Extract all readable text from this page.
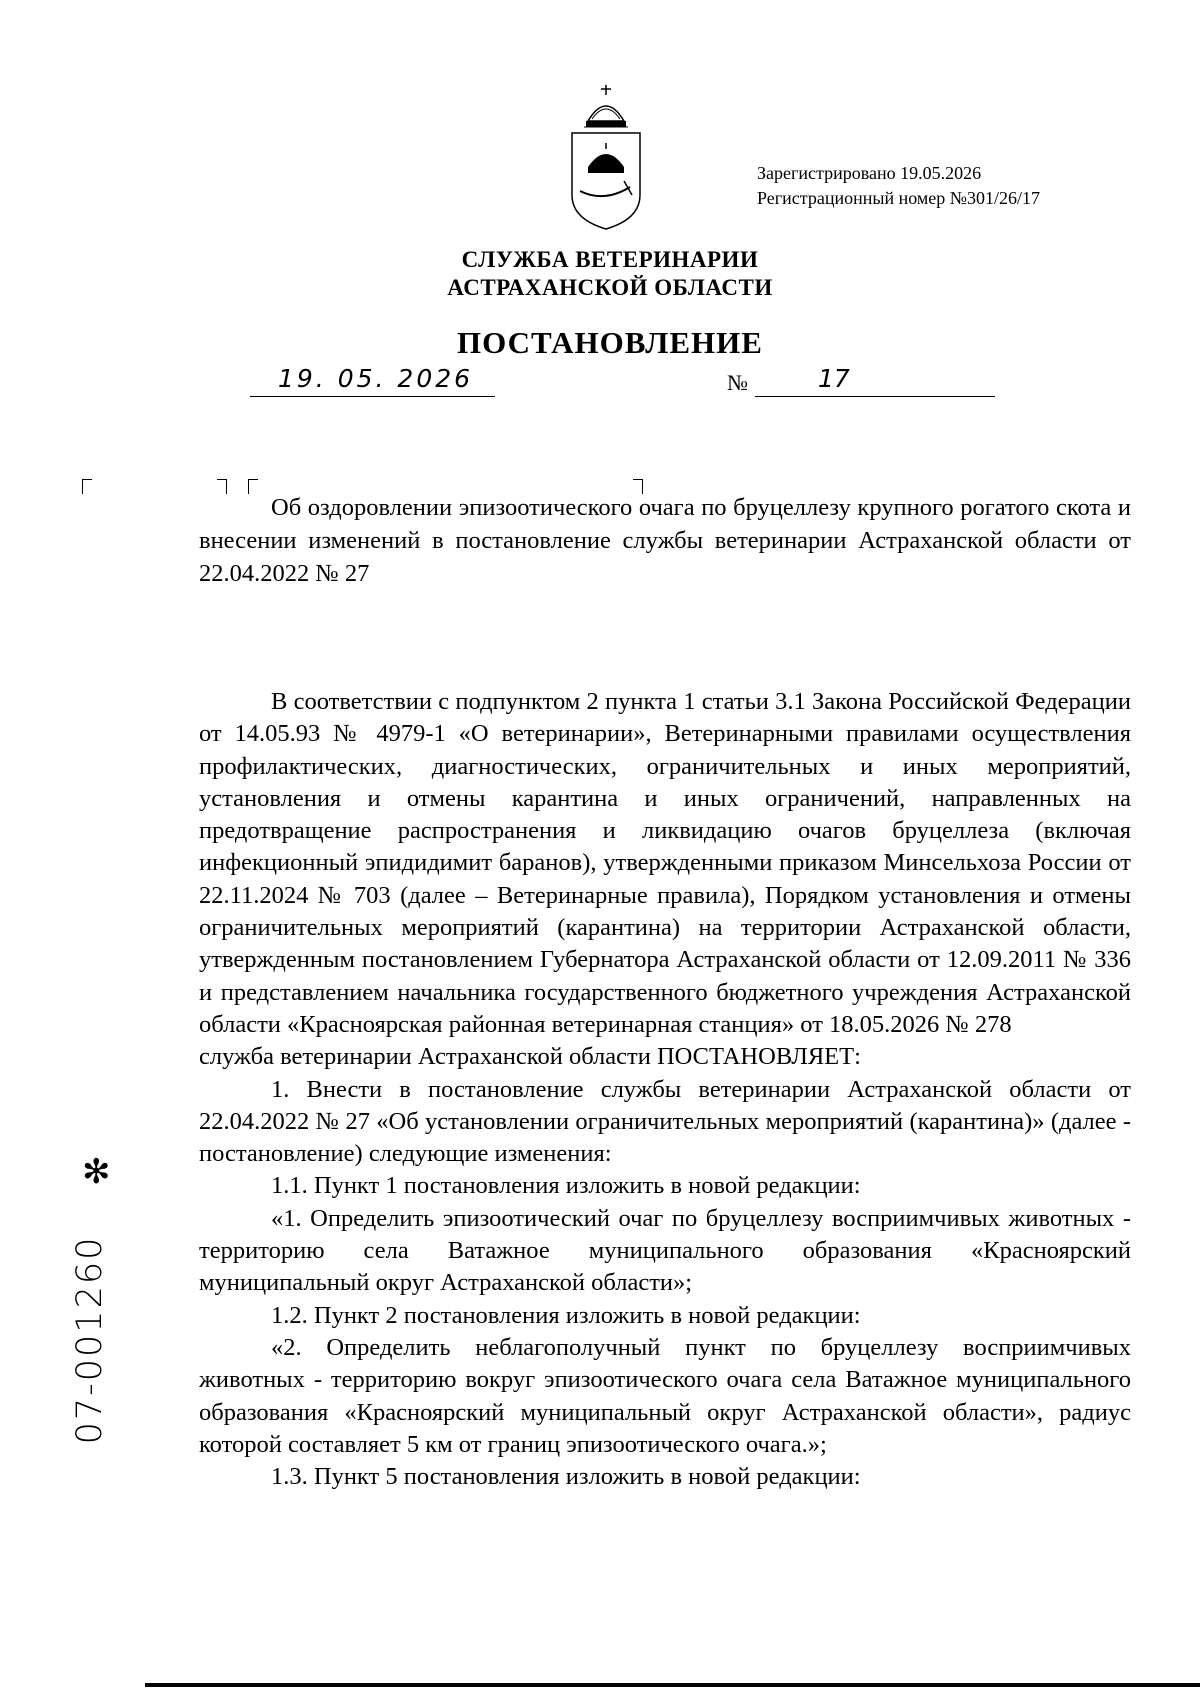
Зарегистрировано 19.05.2026
Регистрационный номер №301/26/17
СЛУЖБА ВЕТЕРИНАРИИ
АСТРАХАНСКОЙ ОБЛАСТИ
ПОСТАНОВЛЕНИЕ
19. 05. 2026	№	17
Об оздоровлении эпизоотического очага по бруцеллезу крупного рогатого скота и внесении изменений в постановление службы ветеринарии Астраханской области от 22.04.2022 № 27

В соответствии с подпунктом 2 пункта 1 статьи 3.1 Закона Российской Федерации от 14.05.93 № 4979-1 «О ветеринарии», Ветеринарными правилами осуществления профилактических, диагностических, ограничительных и иных мероприятий, установления и отмены карантина и иных ограничений, направленных на предотвращение распространения и ликвидацию очагов бруцеллеза (включая инфекционный эпидидимит баранов), утвержденными приказом Минсельхоза России от 22.11.2024 № 703 (далее – Ветеринарные правила), Порядком установления и отмены ограничительных мероприятий (карантина) на территории Астраханской области, утвержденным постановлением Губернатора Астраханской области от 12.09.2011 № 336 и представлением начальника государственного бюджетного учреждения Астраханской области «Красноярская районная ветеринарная станция» от 18.05.2026 № 278

служба ветеринарии Астраханской области ПОСТАНОВЛЯЕТ:

1. Внести в постановление службы ветеринарии Астраханской области от 22.04.2022 № 27 «Об установлении ограничительных мероприятий (карантина)» (далее - постановление) следующие изменения:

1.1. Пункт 1 постановления изложить в новой редакции:

«1. Определить эпизоотический очаг по бруцеллезу восприимчивых животных - территорию села Ватажное муниципального образования «Красноярский муниципальный округ Астраханской области»;

1.2. Пункт 2 постановления изложить в новой редакции:

«2. Определить неблагополучный пункт по бруцеллезу восприимчивых животных - территорию вокруг эпизоотического очага села Ватажное муниципального образования «Красноярский муниципальный округ Астраханской области», радиус которой составляет 5 км от границ эпизоотического очага.»;

1.3. Пункт 5 постановления изложить в новой редакции:

✻
07-001260
